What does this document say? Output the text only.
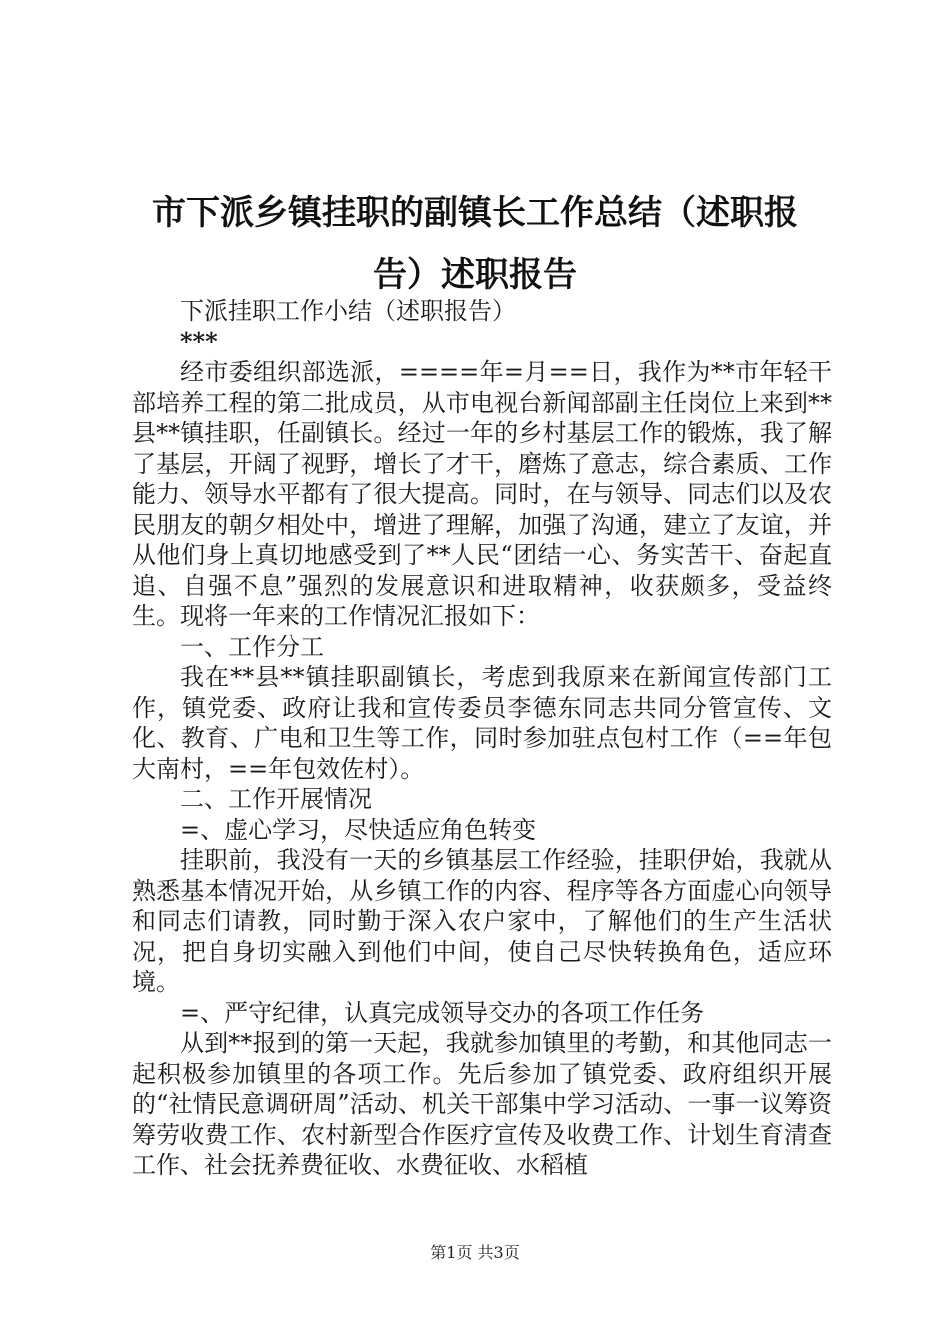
市下派乡镇挂职的副镇长工作总结（述职报
告）述职报告

下派挂职工作小结（述职报告）

***

经市委组织部选派，====年=月==日，我作为**市年轻干部培养工程的第二批成员，从市电视台新闻部副主任岗位上来到**县**镇挂职，任副镇长。经过一年的乡村基层工作的锻炼，我了解了基层，开阔了视野，增长了才干，磨炼了意志，综合素质、工作能力、领导水平都有了很大提高。同时，在与领导、同志们以及农民朋友的朝夕相处中，增进了理解，加强了沟通，建立了友谊，并从他们身上真切地感受到了**人民“团结一心、务实苦干、奋起直追、自强不息”强烈的发展意识和进取精神，收获颇多，受益终生。现将一年来的工作情况汇报如下：

一、工作分工

我在**县**镇挂职副镇长，考虑到我原来在新闻宣传部门工作，镇党委、政府让我和宣传委员李德东同志共同分管宣传、文化、教育、广电和卫生等工作，同时参加驻点包村工作（==年包大南村，==年包效佐村）。

二、工作开展情况

=、虚心学习，尽快适应角色转变

挂职前，我没有一天的乡镇基层工作经验，挂职伊始，我就从熟悉基本情况开始，从乡镇工作的内容、程序等各方面虚心向领导和同志们请教，同时勤于深入农户家中，了解他们的生产生活状况，把自身切实融入到他们中间，使自己尽快转换角色，适应环境。

=、严守纪律，认真完成领导交办的各项工作任务

从到**报到的第一天起，我就参加镇里的考勤，和其他同志一起积极参加镇里的各项工作。先后参加了镇党委、政府组织开展的“社情民意调研周”活动、机关干部集中学习活动、一事一议筹资筹劳收费工作、农村新型合作医疗宣传及收费工作、计划生育清查工作、社会抚养费征收、水费征收、水稻植

第1页 共3页
